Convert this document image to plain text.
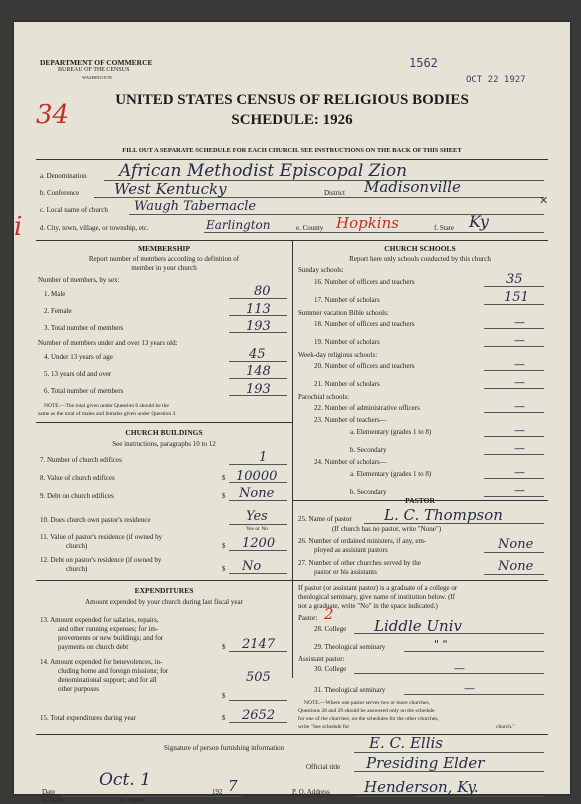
DEPARTMENT OF COMMERCE
BUREAU OF THE CENSUS
WASHINGTON
1562
OCT 22 1927
UNITED STATES CENSUS OF RELIGIOUS BODIES
SCHEDULE: 1926
34
FILL OUT A SEPARATE SCHEDULE FOR EACH CHURCH. SEE INSTRUCTIONS ON THE BACK OF THIS SHEET
a. Denomination African Methodist Episcopal Zion
b. Conference West Kentucky	District Madisonville
✕
c. Local name of church Waugh Tabernacle
i	d. City, town, village, or township, etc.	Earlington	e. County Hopkins	f. State Ky
MEMBERSHIP
Report number of members according to definition of
member in your church
Number of members, by sex:
1. Male	80
2. Female	113
3. Total number of members	193
Number of members under and over 13 years old:
4. Under 13 years of age	45
5. 13 years old and over	148
6. Total number of members	193
NOTE.—The total given under Question 6 should be the
same as the total of males and females given under Question 3.
CHURCH BUILDINGS
See instructions, paragraphs 10 to 12
7. Number of church edifices	1
8. Value of church edifices	$ 10000
9. Debt on church edifices	$ None
10. Does church own pastor's residence	Yes
Yes or No
11. Value of pastor's residence (if owned by
church)	$ 1200
12. Debt on pastor's residence (if owned by
church)	$ No
EXPENDITURES
Amount expended by your church during last fiscal year
13. Amount expended for salaries, repairs,
and other running expenses; for im-
provements or new buildings; and for
payments on church debt	$ 2147
14. Amount expended for benevolences, in-
cluding home and foreign missions; for
denominational support; and for all
other purposes
$
505
15. Total expenditures during year	$ 2652
CHURCH SCHOOLS
Report here only schools conducted by this church
Sunday schools:
16. Number of officers and teachers	35
17. Number of scholars	151
Summer vacation Bible schools:
18. Number of officers and teachers	—
19. Number of scholars	—
Week-day religious schools:
20. Number of officers and teachers	—
21. Number of scholars	—
Parochial schools:
22. Number of administrative officers	—
23. Number of teachers—
a. Elementary (grades 1 to 8)	—
b. Secondary	—
24. Number of scholars—
a. Elementary (grades 1 to 8)	—
b. Secondary	—
PASTOR
25. Name of pastor L. C. Thompson
(If church has no pastor, write "None")
26. Number of ordained ministers, if any, em-
ployed as assistant pastors	None
27. Number of other churches served by the
pastor or his assistants	None
If pastor (or assistant pastor) is a graduate of a college or
theological seminary, give name of institution below. (If
not a graduate, write "No" in the space indicated.)
Pastor: 2
28. College Liddle Univ
29. Theological seminary	" "
Assistant pastor:
30. College	—
31. Theological seminary	—
NOTE.—Where one pastor serves two or more churches,
Questions 28 and 29 should be answered only on the schedule
for one of the churches; on the schedules for the other churches,
write "See schedule for	church."
Signature of person furnishing information	E. C. Ellis
Official title Presiding Elder
Date
Oct. 1
192 7	P. O. Address Henderson, Ky.
9—5518a	11—9684b
